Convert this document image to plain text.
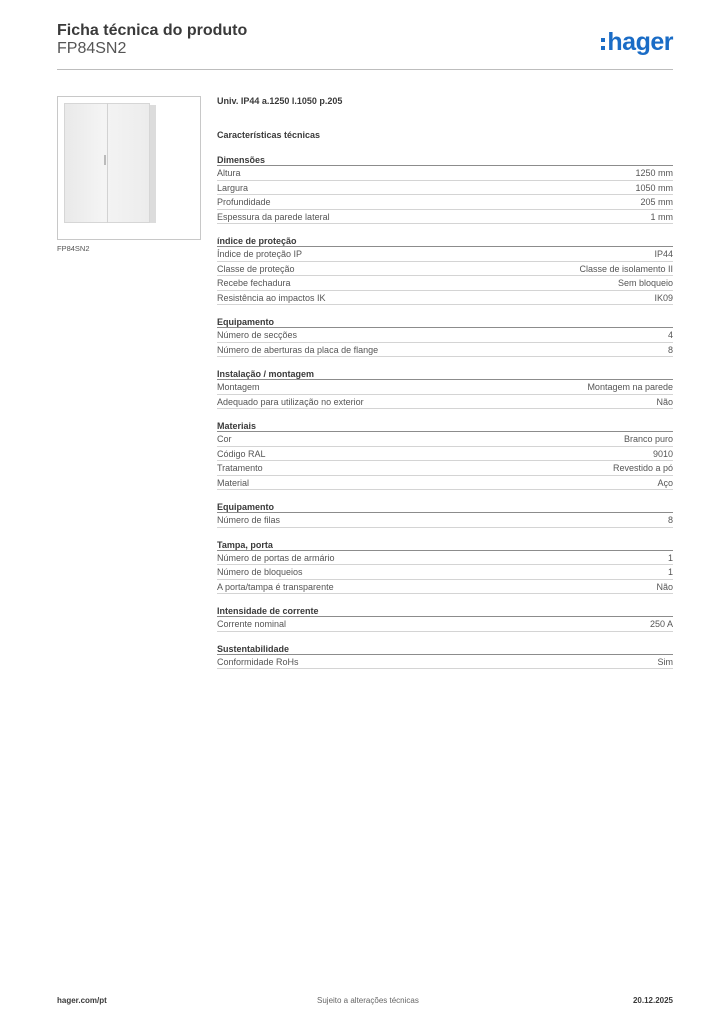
Ficha técnica do produto
FP84SN2	hager
FP84SN2
Univ. IP44 a.1250 l.1050 p.205
Características técnicas
Dimensões
Altura	1250 mm
Largura	1050 mm
Profundidade	205 mm
Espessura da parede lateral	1 mm
índice de proteção
Índice de proteção IP	IP44
Classe de proteção	Classe de isolamento II
Recebe fechadura	Sem bloqueio
Resistência ao impactos IK	IK09
Equipamento
Número de secções	4
Número de aberturas da placa de flange	8
Instalação / montagem
Montagem	Montagem na parede
Adequado para utilização no exterior	Não
Materiais
Cor	Branco puro
Código RAL	9010
Tratamento	Revestido a pó
Material	Aço
Equipamento
Número de filas	8
Tampa, porta
Número de portas de armário	1
Número de bloqueios	1
A porta/tampa é transparente	Não
Intensidade de corrente
Corrente nominal	250 A
Sustentabilidade
Conformidade RoHs	Sim
hager.com/pt	Sujeito a alterações técnicas	20.12.2025
